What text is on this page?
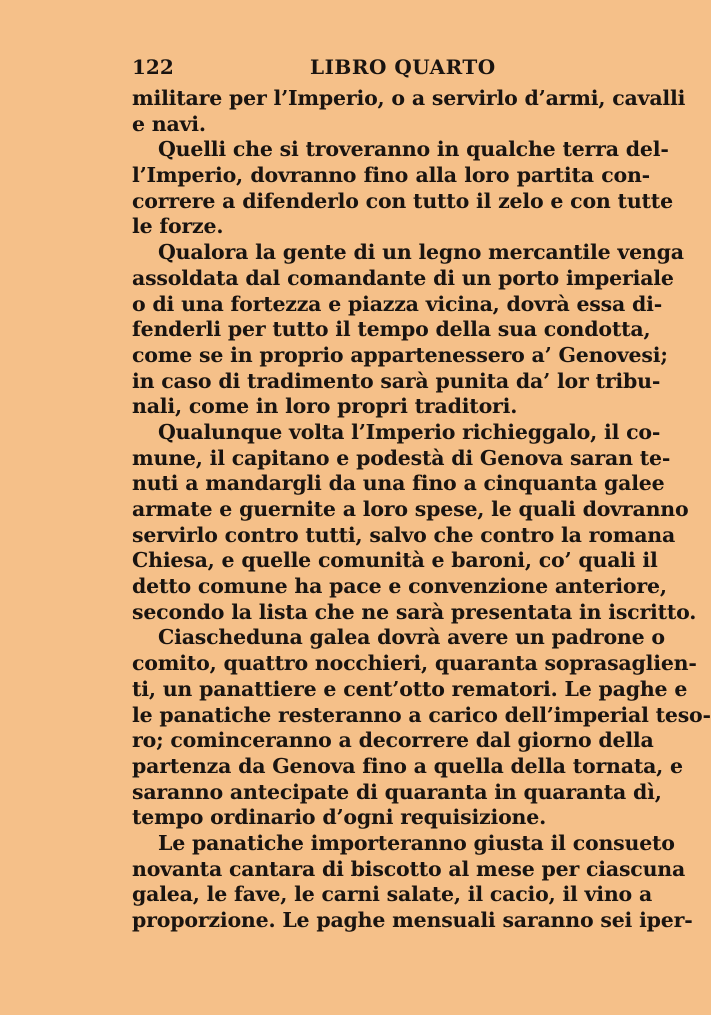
122	LIBRO QUARTO
militare per l’Imperio, o a servirlo d’armi, cavalli
e navi.
Quelli che si troveranno in qualche terra del-
l’Imperio, dovranno fino alla loro partita con-
correre a difenderlo con tutto il zelo e con tutte
le forze.
Qualora la gente di un legno mercantile venga
assoldata dal comandante di un porto imperiale
o di una fortezza e piazza vicina, dovrà essa di-
fenderli per tutto il tempo della sua condotta,
come se in proprio appartenessero a’ Genovesi;
in caso di tradimento sarà punita da’ lor tribu-
nali, come in loro propri traditori.
Qualunque volta l’Imperio richieggalo, il co-
mune, il capitano e podestà di Genova saran te-
nuti a mandargli da una fino a cinquanta galee
armate e guernite a loro spese, le quali dovranno
servirlo contro tutti, salvo che contro la romana
Chiesa, e quelle comunità e baroni, co’ quali il
detto comune ha pace e convenzione anteriore,
secondo la lista che ne sarà presentata in iscritto.
Ciascheduna galea dovrà avere un padrone o
comito, quattro nocchieri, quaranta soprasaglien-
ti, un panattiere e cent’otto rematori. Le paghe e
le panatiche resteranno a carico dell’imperial teso-
ro; cominceranno a decorrere dal giorno della
partenza da Genova fino a quella della tornata, e
saranno antecipate di quaranta in quaranta dì,
tempo ordinario d’ogni requisizione.
Le panatiche importeranno giusta il consueto
novanta cantara di biscotto al mese per ciascuna
galea, le fave, le carni salate, il cacio, il vino a
proporzione. Le paghe mensuali saranno sei iper-
